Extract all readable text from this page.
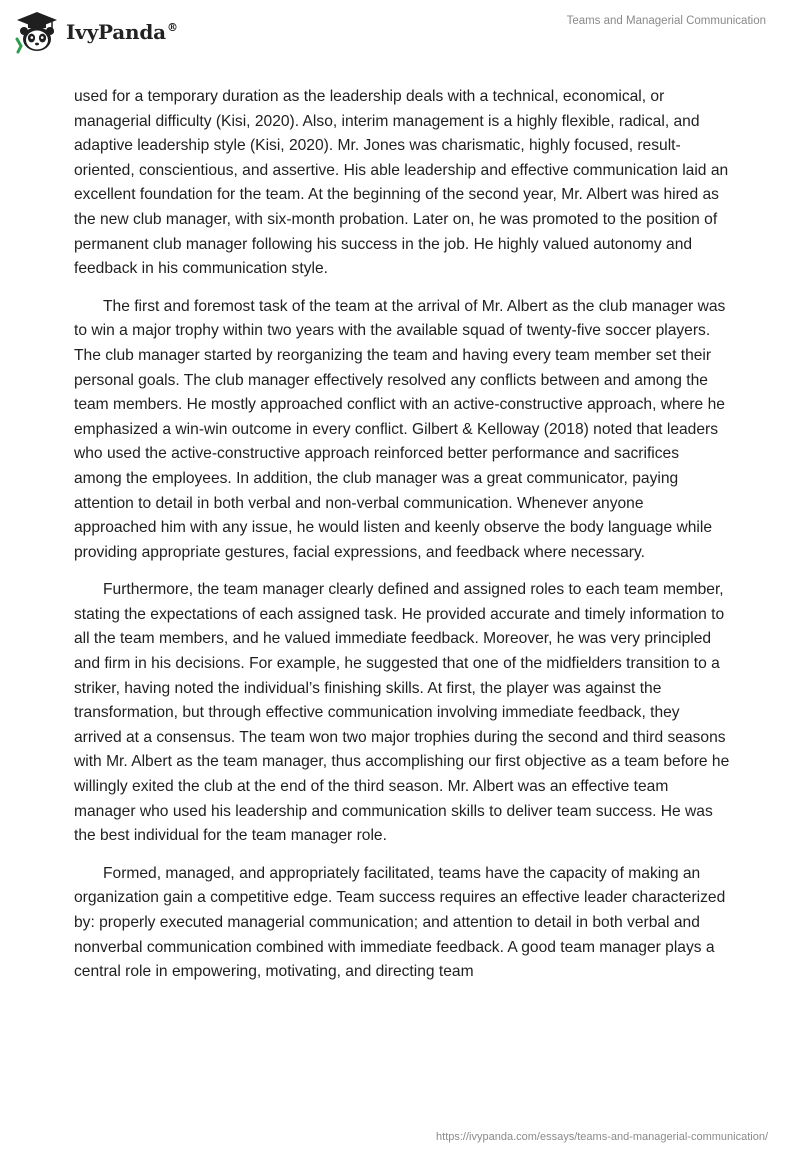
IvyPanda®
Teams and Managerial Communication

used for a temporary duration as the leadership deals with a technical, economical, or managerial difficulty (Kisi, 2020). Also, interim management is a highly flexible, radical, and adaptive leadership style (Kisi, 2020). Mr. Jones was charismatic, highly focused, result-oriented, conscientious, and assertive. His able leadership and effective communication laid an excellent foundation for the team. At the beginning of the second year, Mr. Albert was hired as the new club manager, with six-month probation. Later on, he was promoted to the position of permanent club manager following his success in the job. He highly valued autonomy and feedback in his communication style.

The first and foremost task of the team at the arrival of Mr. Albert as the club manager was to win a major trophy within two years with the available squad of twenty-five soccer players. The club manager started by reorganizing the team and having every team member set their personal goals. The club manager effectively resolved any conflicts between and among the team members. He mostly approached conflict with an active-constructive approach, where he emphasized a win-win outcome in every conflict. Gilbert & Kelloway (2018) noted that leaders who used the active-constructive approach reinforced better performance and sacrifices among the employees. In addition, the club manager was a great communicator, paying attention to detail in both verbal and non-verbal communication. Whenever anyone approached him with any issue, he would listen and keenly observe the body language while providing appropriate gestures, facial expressions, and feedback where necessary.

Furthermore, the team manager clearly defined and assigned roles to each team member, stating the expectations of each assigned task. He provided accurate and timely information to all the team members, and he valued immediate feedback. Moreover, he was very principled and firm in his decisions. For example, he suggested that one of the midfielders transition to a striker, having noted the individual’s finishing skills. At first, the player was against the transformation, but through effective communication involving immediate feedback, they arrived at a consensus. The team won two major trophies during the second and third seasons with Mr. Albert as the team manager, thus accomplishing our first objective as a team before he willingly exited the club at the end of the third season. Mr. Albert was an effective team manager who used his leadership and communication skills to deliver team success. He was the best individual for the team manager role.

Formed, managed, and appropriately facilitated, teams have the capacity of making an organization gain a competitive edge. Team success requires an effective leader characterized by: properly executed managerial communication; and attention to detail in both verbal and nonverbal communication combined with immediate feedback. A good team manager plays a central role in empowering, motivating, and directing team

https://ivypanda.com/essays/teams-and-managerial-communication/
